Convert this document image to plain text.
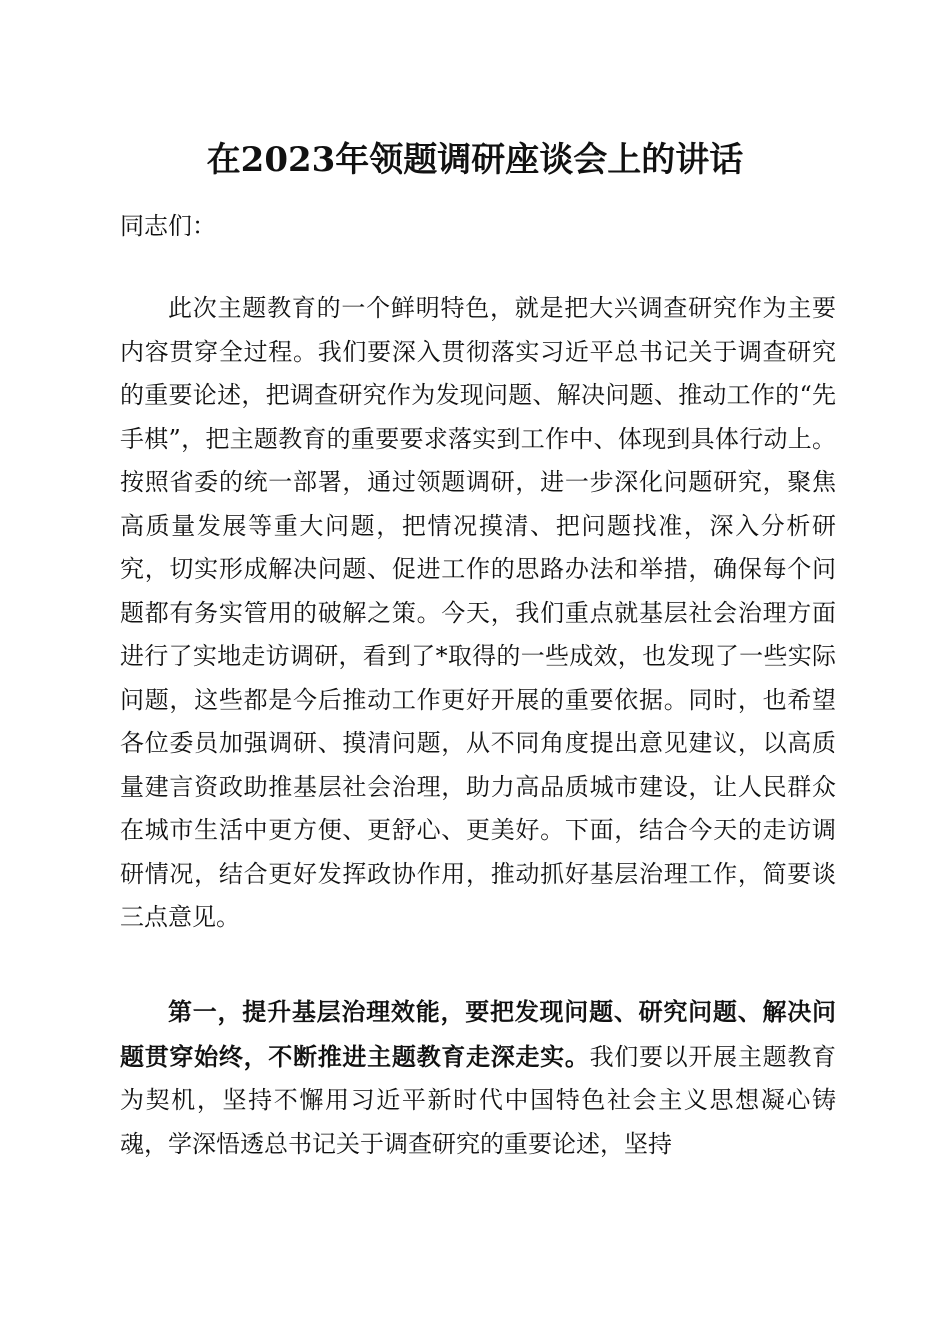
在2023年领题调研座谈会上的讲话
同志们：

此次主题教育的一个鲜明特色，就是把大兴调查研究作为主要内容贯穿全过程。我们要深入贯彻落实习近平总书记关于调查研究的重要论述，把调查研究作为发现问题、解决问题、推动工作的“先手棋”，把主题教育的重要要求落实到工作中、体现到具体行动上。按照省委的统一部署，通过领题调研，进一步深化问题研究，聚焦高质量发展等重大问题，把情况摸清、把问题找准，深入分析研究，切实形成解决问题、促进工作的思路办法和举措，确保每个问题都有务实管用的破解之策。今天，我们重点就基层社会治理方面进行了实地走访调研，看到了*取得的一些成效，也发现了一些实际问题，这些都是今后推动工作更好开展的重要依据。同时，也希望各位委员加强调研、摸清问题，从不同角度提出意见建议，以高质量建言资政助推基层社会治理，助力高品质城市建设，让人民群众在城市生活中更方便、更舒心、更美好。下面，结合今天的走访调研情况，结合更好发挥政协作用，推动抓好基层治理工作，简要谈三点意见。

第一，提升基层治理效能，要把发现问题、研究问题、解决问题贯穿始终，不断推进主题教育走深走实。我们要以开展主题教育为契机，坚持不懈用习近平新时代中国特色社会主义思想凝心铸魂，学深悟透总书记关于调查研究的重要论述，坚持
